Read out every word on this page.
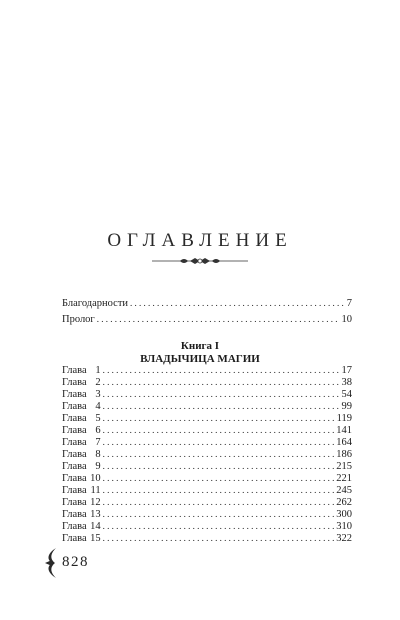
ОГЛАВЛЕНИЕ
Благодарности . . .	7
Пролог . . .	10
Книга I
ВЛАДЫЧИЦА МАГИИ
Глава 1 . . .	17
Глава 2 . . .	38
Глава 3 . . .	54
Глава 4 . . .	99
Глава 5 . . .	119
Глава 6 . . .	141
Глава 7 . . .	164
Глава 8 . . .	186
Глава 9 . . .	215
Глава 10 . . .	221
Глава 11 . . .	245
Глава 12 . . .	262
Глава 13 . . .	300
Глава 14 . . .	310
Глава 15 . . .	322
828
